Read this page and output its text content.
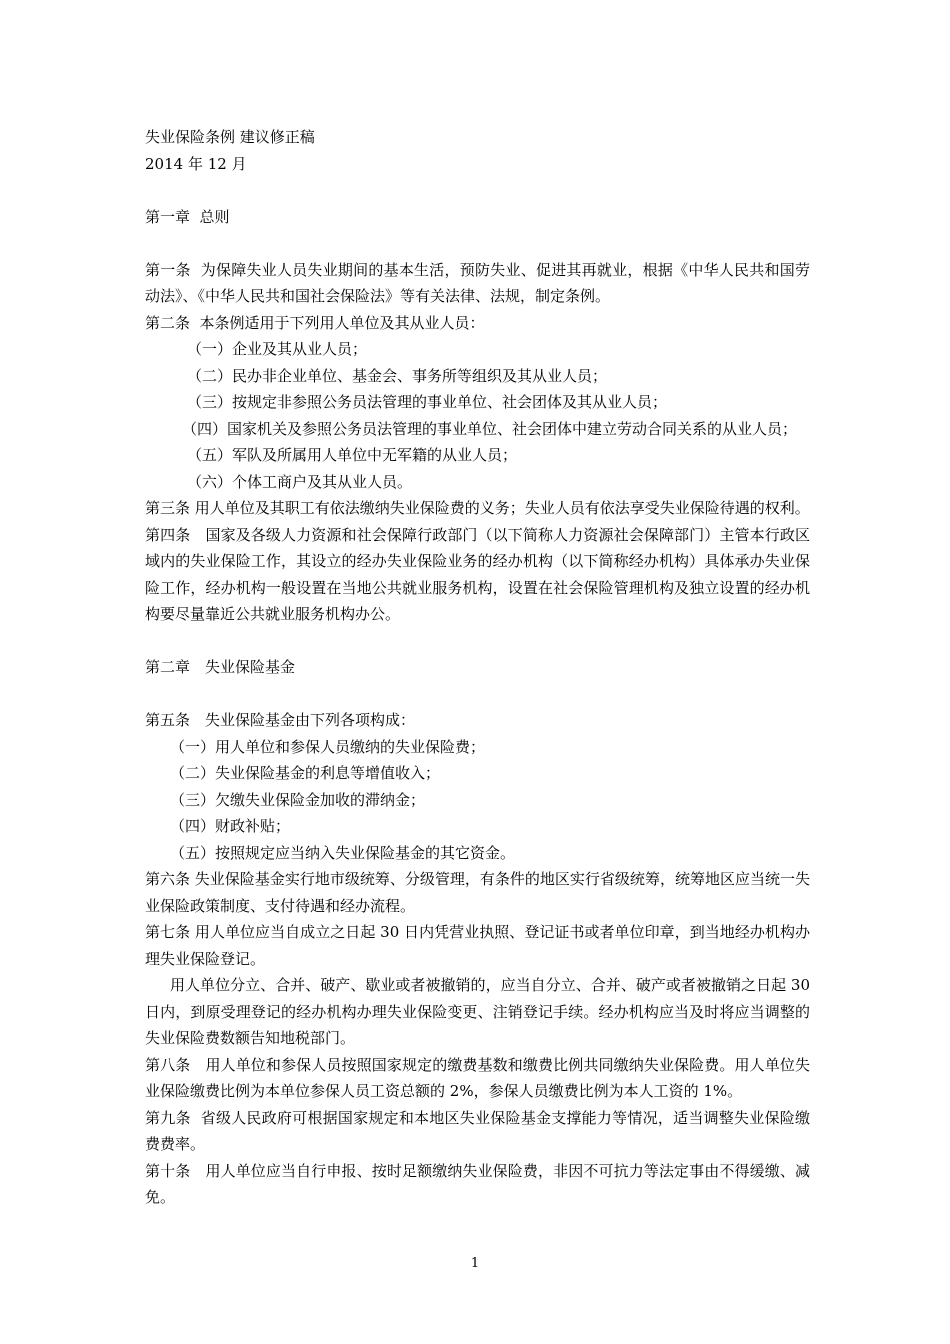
失业保险条例 建议修正稿

2014 年 12 月

第一章  总则

第一条  为保障失业人员失业期间的基本生活，预防失业、促进其再就业，根据《中华人民共和国劳动法》、《中华人民共和国社会保险法》等有关法律、法规，制定条例。

第二条  本条例适用于下列用人单位及其从业人员：

（一）企业及其从业人员；

（二）民办非企业单位、基金会、事务所等组织及其从业人员；

（三）按规定非参照公务员法管理的事业单位、社会团体及其从业人员；

（四）国家机关及参照公务员法管理的事业单位、社会团体中建立劳动合同关系的从业人员；

（五）军队及所属用人单位中无军籍的从业人员；

（六）个体工商户及其从业人员。

第三条 用人单位及其职工有依法缴纳失业保险费的义务；失业人员有依法享受失业保险待遇的权利。

第四条　国家及各级人力资源和社会保障行政部门（以下简称人力资源社会保障部门）主管本行政区域内的失业保险工作，其设立的经办失业保险业务的经办机构（以下简称经办机构）具体承办失业保险工作，经办机构一般设置在当地公共就业服务机构，设置在社会保险管理机构及独立设置的经办机构要尽量靠近公共就业服务机构办公。

第二章　失业保险基金

第五条　失业保险基金由下列各项构成：

（一）用人单位和参保人员缴纳的失业保险费；

（二）失业保险基金的利息等增值收入；

（三）欠缴失业保险金加收的滞纳金；

（四）财政补贴；

（五）按照规定应当纳入失业保险基金的其它资金。

第六条 失业保险基金实行地市级统筹、分级管理，有条件的地区实行省级统筹，统筹地区应当统一失业保险政策制度、支付待遇和经办流程。

第七条 用人单位应当自成立之日起 30 日内凭营业执照、登记证书或者单位印章，到当地经办机构办理失业保险登记。

用人单位分立、合并、破产、歇业或者被撤销的，应当自分立、合并、破产或者被撤销之日起 30 日内，到原受理登记的经办机构办理失业保险变更、注销登记手续。经办机构应当及时将应当调整的失业保险费数额告知地税部门。

第八条　用人单位和参保人员按照国家规定的缴费基数和缴费比例共同缴纳失业保险费。用人单位失业保险缴费比例为本单位参保人员工资总额的 2%，参保人员缴费比例为本人工资的 1%。

第九条  省级人民政府可根据国家规定和本地区失业保险基金支撑能力等情况，适当调整失业保险缴费费率。

第十条　用人单位应当自行申报、按时足额缴纳失业保险费，非因不可抗力等法定事由不得缓缴、减免。

1
